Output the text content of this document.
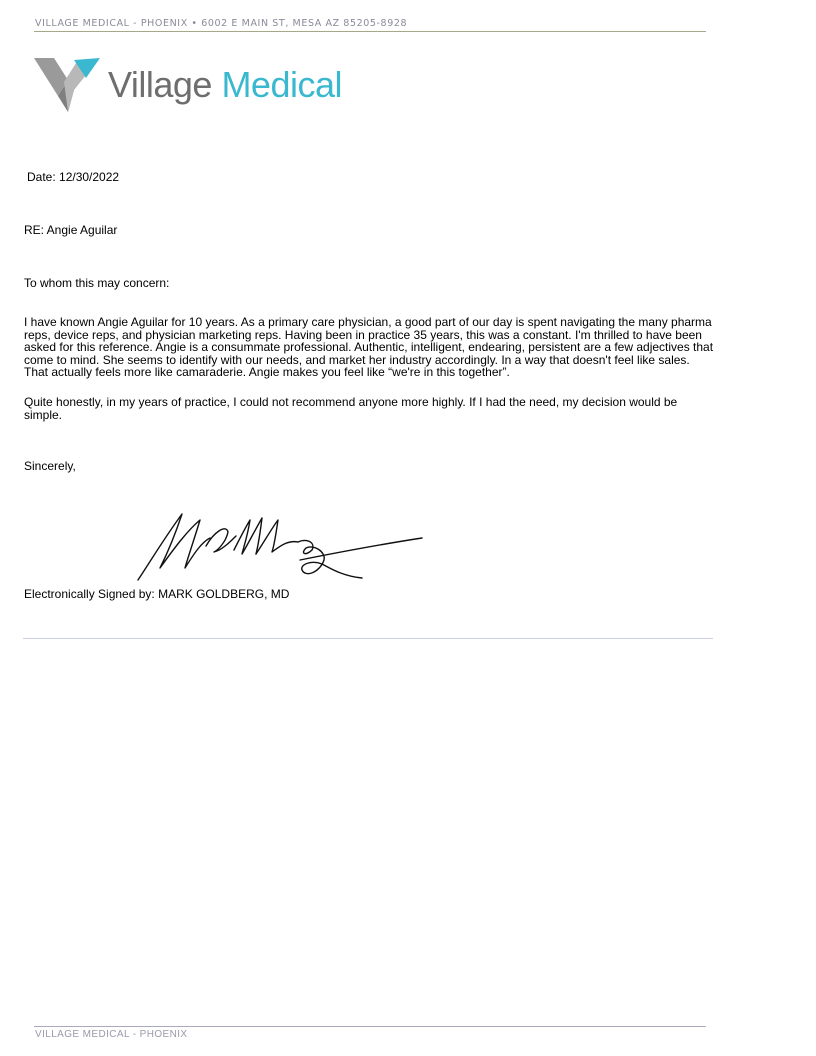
VILLAGE MEDICAL - PHOENIX • 6002 E MAIN ST, MESA AZ 85205-8928
Village Medical
Date: 12/30/2022
RE: Angie Aguilar
To whom this may concern:

I have known Angie Aguilar for 10 years. As a primary care physician, a good part of our day is spent navigating the many pharma reps, device reps, and physician marketing reps. Having been in practice 35 years, this was a constant. I'm thrilled to have been asked for this reference. Angie is a consummate professional. Authentic, intelligent, endearing, persistent are a few adjectives that come to mind. She seems to identify with our needs, and market her industry accordingly. In a way that doesn't feel like sales. That actually feels more like camaraderie. Angie makes you feel like “we're in this together”.

Quite honestly, in my years of practice, I could not recommend anyone more highly. If I had the need, my decision would be simple.

Sincerely,
Electronically Signed by: MARK GOLDBERG, MD
VILLAGE MEDICAL - PHOENIX
